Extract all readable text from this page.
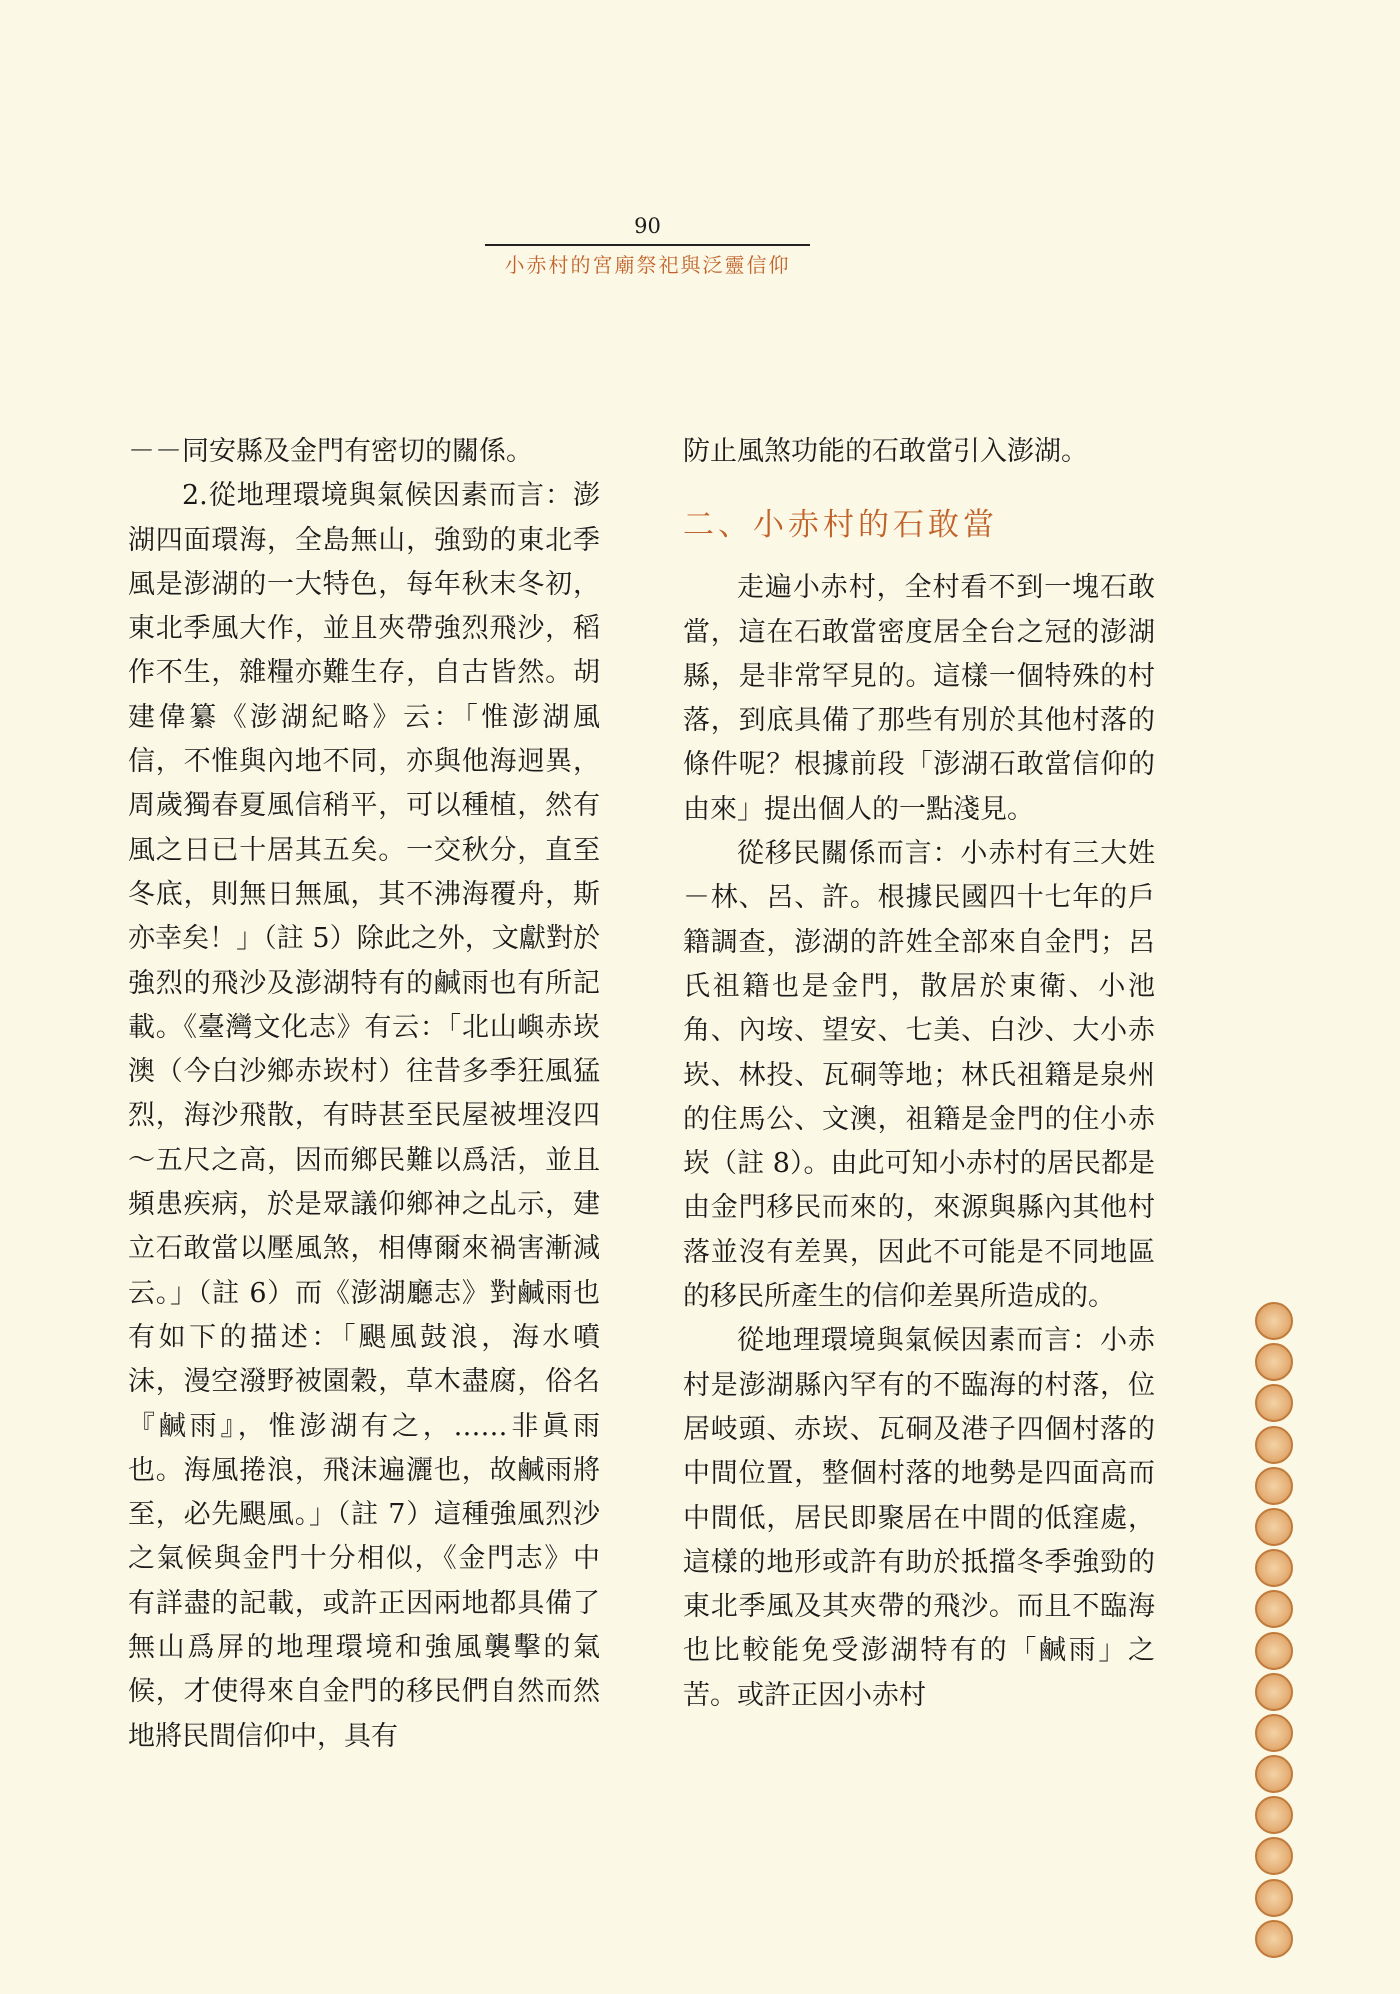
90
小赤村的宮廟祭祀與泛靈信仰

－－同安縣及金門有密切的關係。

2.從地理環境與氣候因素而言：澎湖四面環海，全島無山，強勁的東北季風是澎湖的一大特色，每年秋末冬初，東北季風大作，並且夾帶強烈飛沙，稻作不生，雜糧亦難生存，自古皆然。胡建偉纂《澎湖紀略》云：「惟澎湖風信，不惟與內地不同，亦與他海迥異，周歲獨春夏風信稍平，可以種植，然有風之日已十居其五矣。一交秋分，直至冬底，則無日無風，其不沸海覆舟，斯亦幸矣！」（註 5）除此之外，文獻對於強烈的飛沙及澎湖特有的鹹雨也有所記載。《臺灣文化志》有云：「北山嶼赤崁澳（今白沙鄉赤崁村）往昔多季狂風猛烈，海沙飛散，有時甚至民屋被埋沒四～五尺之高，因而鄉民難以爲活，並且頻患疾病，於是眾議仰鄉神之乩示，建立石敢當以壓風煞，相傳爾來禍害漸減云。」（註 6）而《澎湖廳志》對鹹雨也有如下的描述：「颶風鼓浪，海水噴沫，漫空潑野被園穀，草木盡腐，俗名『鹹雨』，惟澎湖有之，……非眞雨也。海風捲浪，飛沫遍灑也，故鹹雨將至，必先颶風。」（註 7）這種強風烈沙之氣候與金門十分相似，《金門志》中有詳盡的記載，或許正因兩地都具備了無山爲屏的地理環境和強風襲擊的氣候，才使得來自金門的移民們自然而然地將民間信仰中，具有

防止風煞功能的石敢當引入澎湖。

二、小赤村的石敢當

走遍小赤村，全村看不到一塊石敢當，這在石敢當密度居全台之冠的澎湖縣，是非常罕見的。這樣一個特殊的村落，到底具備了那些有別於其他村落的條件呢？根據前段「澎湖石敢當信仰的由來」提出個人的一點淺見。

從移民關係而言：小赤村有三大姓－林、呂、許。根據民國四十七年的戶籍調查，澎湖的許姓全部來自金門；呂氏祖籍也是金門，散居於東衛、小池角、內垵、望安、七美、白沙、大小赤崁、林投、瓦硐等地；林氏祖籍是泉州的住馬公、文澳，祖籍是金門的住小赤崁（註 8）。由此可知小赤村的居民都是由金門移民而來的，來源與縣內其他村落並沒有差異，因此不可能是不同地區的移民所產生的信仰差異所造成的。

從地理環境與氣候因素而言：小赤村是澎湖縣內罕有的不臨海的村落，位居岐頭、赤崁、瓦硐及港子四個村落的中間位置，整個村落的地勢是四面高而中間低，居民即聚居在中間的低窪處，這樣的地形或許有助於抵擋冬季強勁的東北季風及其夾帶的飛沙。而且不臨海也比較能免受澎湖特有的「鹹雨」之苦。或許正因小赤村
